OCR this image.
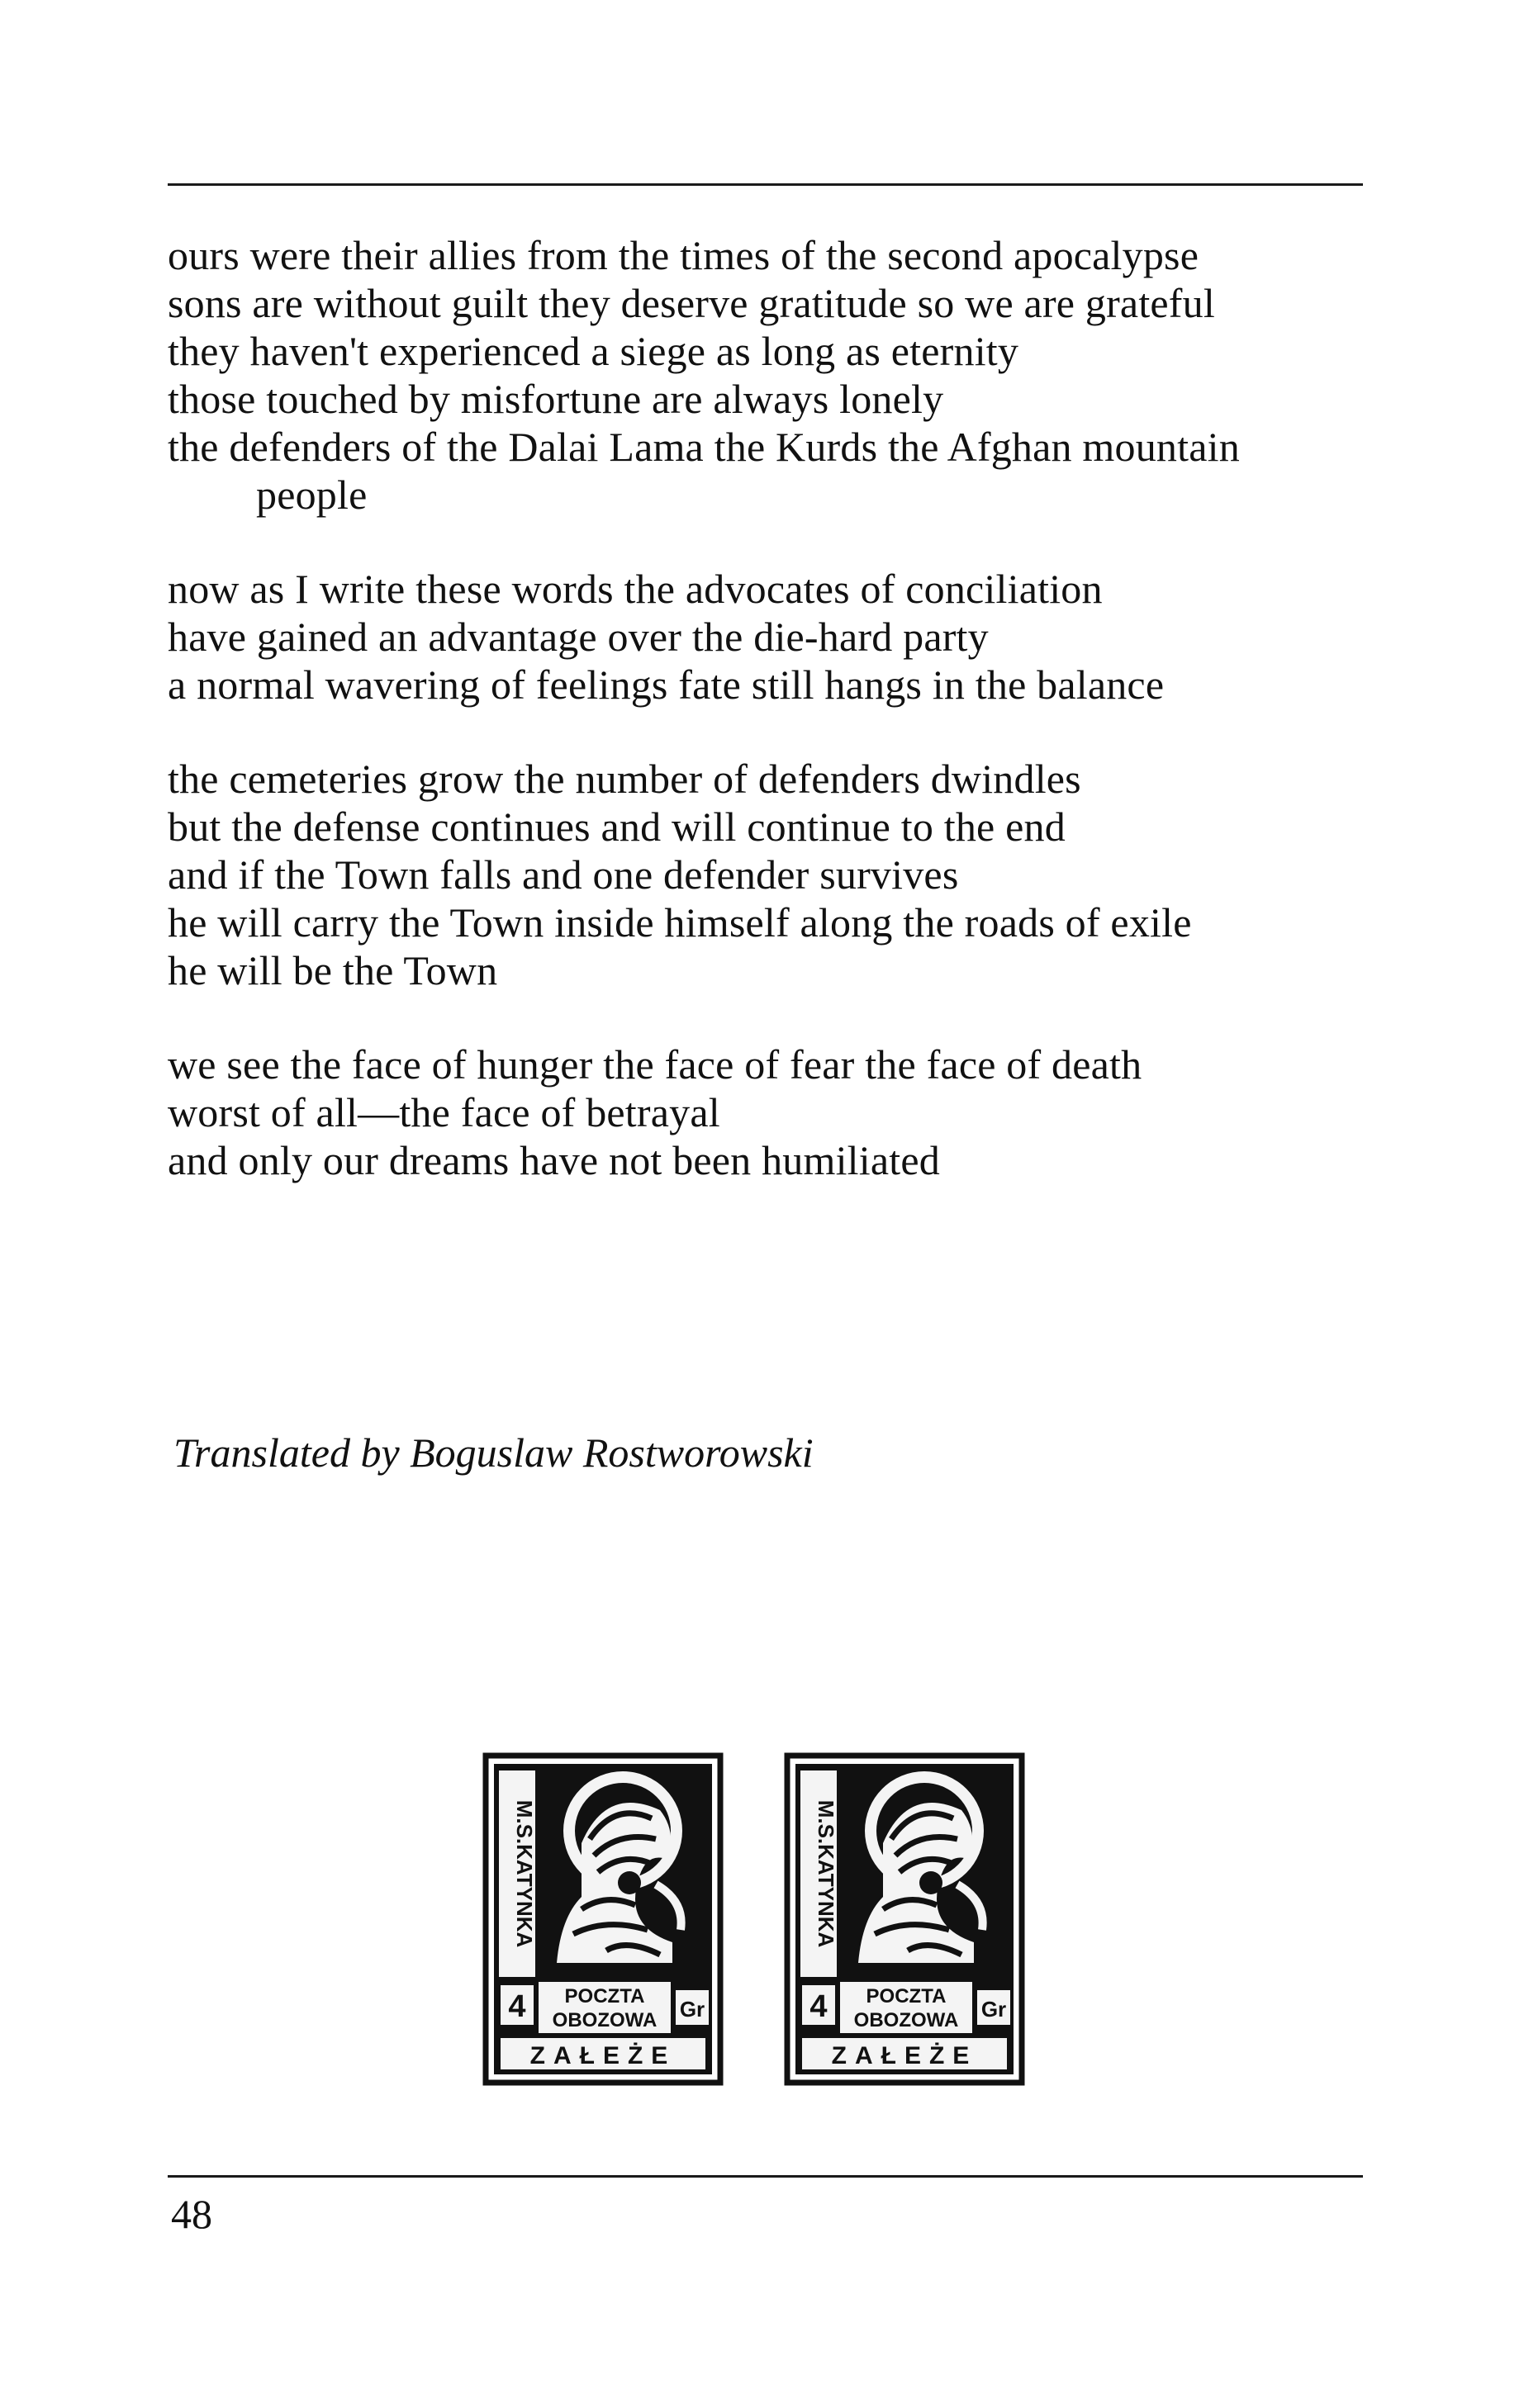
ours were their allies from the times of the second apocalypse
sons are without guilt they deserve gratitude so we are grateful
they haven't experienced a siege as long as eternity
those touched by misfortune are always lonely
the defenders of the Dalai Lama the Kurds the Afghan mountain
people
now as I write these words the advocates of conciliation
have gained an advantage over the die-hard party
a normal wavering of feelings fate still hangs in the balance
the cemeteries grow the number of defenders dwindles
but the defense continues and will continue to the end
and if the Town falls and one defender survives
he will carry the Town inside himself along the roads of exile
he will be the Town
we see the face of hunger the face of fear the face of death
worst of all—the face of betrayal
and only our dreams have not been humiliated
Translated by Boguslaw Rostworowski
M.S.KATYNKA
4	Gr
POCZTA
OBOZOWA
ZAŁEŻE
M.S.KATYNKA
4	Gr
POCZTA
OBOZOWA
ZAŁEŻE
48
